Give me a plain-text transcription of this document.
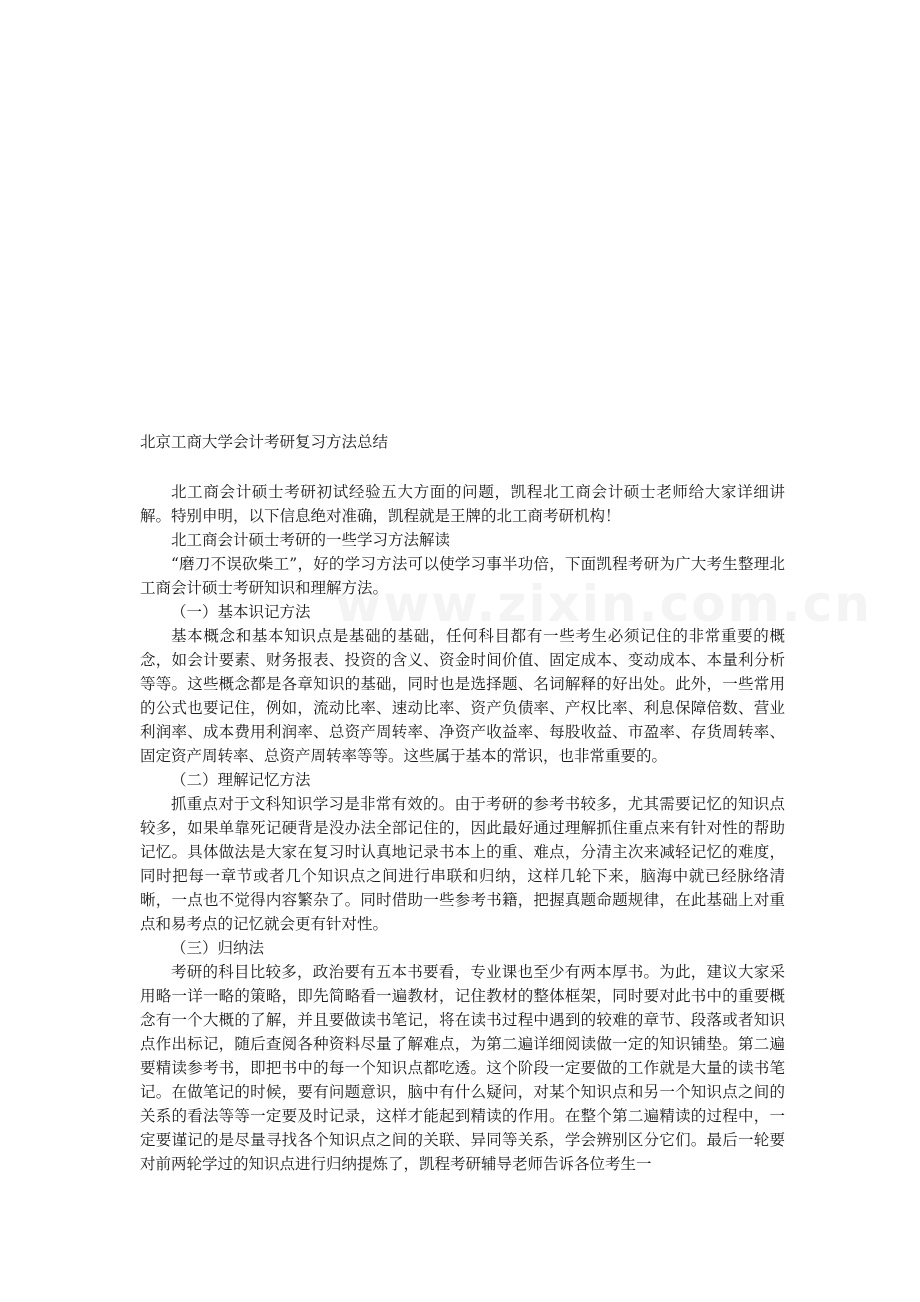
www.zixin.com.cn
北京工商大学会计考研复习方法总结

北工商会计硕士考研初试经验五大方面的问题，凯程北工商会计硕士老师给大家详细讲解。特别申明，以下信息绝对准确，凯程就是王牌的北工商考研机构！

北工商会计硕士考研的一些学习方法解读

“磨刀不误砍柴工”，好的学习方法可以使学习事半功倍，下面凯程考研为广大考生整理北工商会计硕士考研知识和理解方法。

（一）基本识记方法

基本概念和基本知识点是基础的基础，任何科目都有一些考生必须记住的非常重要的概念，如会计要素、财务报表、投资的含义、资金时间价值、固定成本、变动成本、本量利分析等等。这些概念都是各章知识的基础，同时也是选择题、名词解释的好出处。此外，一些常用的公式也要记住，例如，流动比率、速动比率、资产负债率、产权比率、利息保障倍数、营业利润率、成本费用利润率、总资产周转率、净资产收益率、每股收益、市盈率、存货周转率、固定资产周转率、总资产周转率等等。这些属于基本的常识，也非常重要的。

（二）理解记忆方法

抓重点对于文科知识学习是非常有效的。由于考研的参考书较多，尤其需要记忆的知识点较多，如果单靠死记硬背是没办法全部记住的，因此最好通过理解抓住重点来有针对性的帮助记忆。具体做法是大家在复习时认真地记录书本上的重、难点，分清主次来减轻记忆的难度，同时把每一章节或者几个知识点之间进行串联和归纳，这样几轮下来，脑海中就已经脉络清晰，一点也不觉得内容繁杂了。同时借助一些参考书籍，把握真题命题规律，在此基础上对重点和易考点的记忆就会更有针对性。

（三）归纳法

考研的科目比较多，政治要有五本书要看，专业课也至少有两本厚书。为此，建议大家采用略一详一略的策略，即先简略看一遍教材，记住教材的整体框架，同时要对此书中的重要概念有一个大概的了解，并且要做读书笔记，将在读书过程中遇到的较难的章节、段落或者知识点作出标记，随后查阅各种资料尽量了解难点，为第二遍详细阅读做一定的知识铺垫。第二遍要精读参考书，即把书中的每一个知识点都吃透。这个阶段一定要做的工作就是大量的读书笔记。在做笔记的时候，要有问题意识，脑中有什么疑问，对某个知识点和另一个知识点之间的关系的看法等等一定要及时记录，这样才能起到精读的作用。在整个第二遍精读的过程中，一定要谨记的是尽量寻找各个知识点之间的关联、异同等关系，学会辨别区分它们。最后一轮要对前两轮学过的知识点进行归纳提炼了，凯程考研辅导老师告诉各位考生一
